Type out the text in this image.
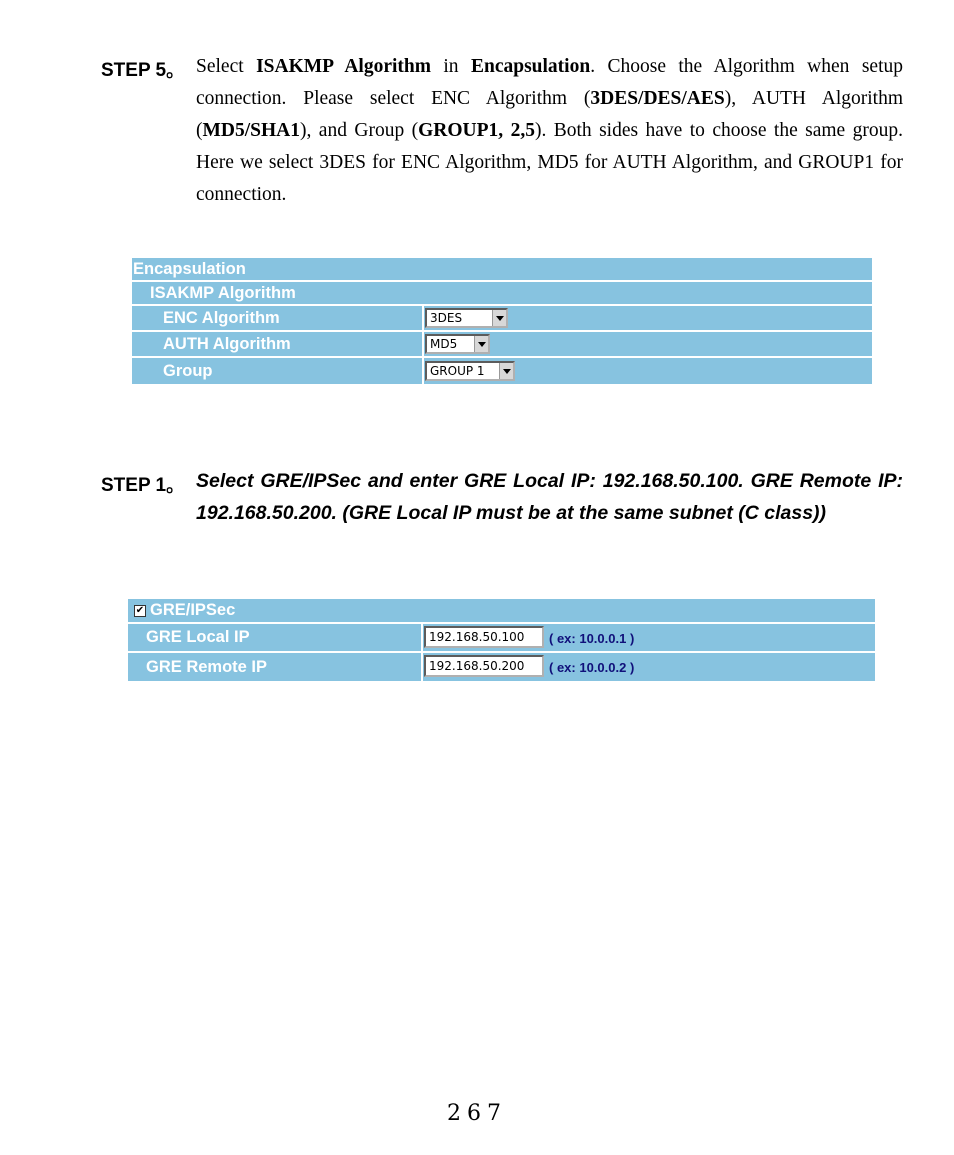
STEP 5。 Select ISAKMP Algorithm in Encapsulation. Choose the Algorithm when setup connection. Please select ENC Algorithm (3DES/DES/AES), AUTH Algorithm (MD5/SHA1), and Group (GROUP1, 2,5). Both sides have to choose the same group. Here we select 3DES for ENC Algorithm, MD5 for AUTH Algorithm, and GROUP1 for connection.
Encapsulation
ISAKMP Algorithm
ENC Algorithm	3DES
AUTH Algorithm	MD5
Group	GROUP 1
STEP 1。 Select GRE/IPSec and enter GRE Local IP: 192.168.50.100. GRE Remote IP: 192.168.50.200. (GRE Local IP must be at the same subnet (C class))
✔ GRE/IPSec
GRE Local IP	192.168.50.100	( ex: 10.0.0.1 )
GRE Remote IP	192.168.50.200	( ex: 10.0.0.2 )
267
